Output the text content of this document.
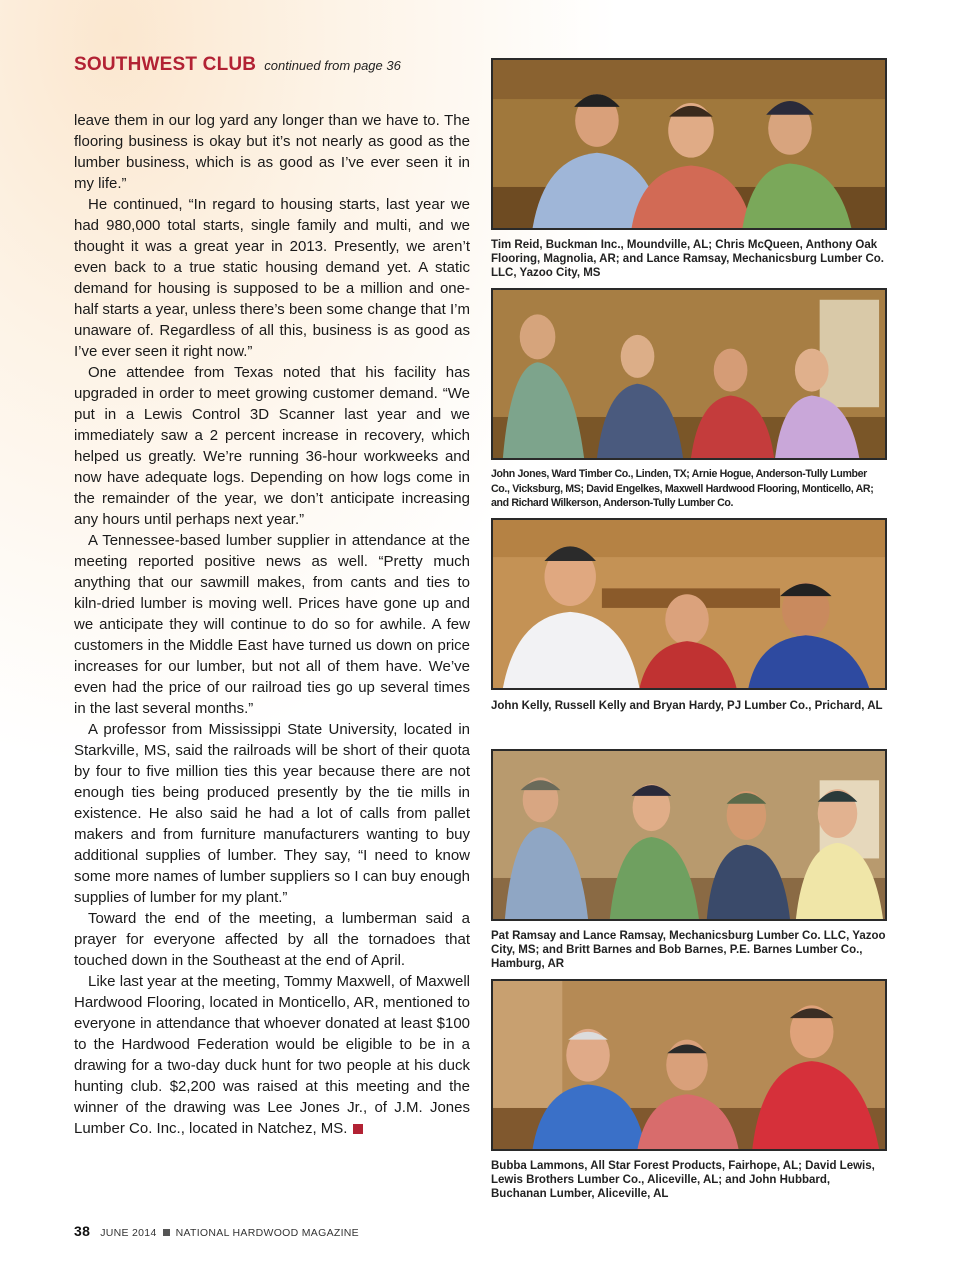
SOUTHWEST CLUB continued from page 36

leave them in our log yard any longer than we have to. The flooring business is okay but it’s not nearly as good as the lumber business, which is as good as I’ve ever seen it in my life.”

He continued, “In regard to housing starts, last year we had 980,000 total starts, single family and multi, and we thought it was a great year in 2013. Presently, we aren’t even back to a true static housing demand yet. A static demand for housing is supposed to be a million and one-half starts a year, unless there’s been some change that I’m unaware of. Regardless of all this, business is as good as I’ve ever seen it right now.”

One attendee from Texas noted that his facility has upgraded in order to meet growing customer demand. “We put in a Lewis Control 3D Scanner last year and we immediately saw a 2 percent increase in recovery, which helped us greatly. We’re running 36-hour workweeks and now have adequate logs. Depending on how logs come in the remainder of the year, we don’t anticipate increasing any hours until perhaps next year.”

A Tennessee-based lumber supplier in attendance at the meeting reported positive news as well. “Pretty much anything that our sawmill makes, from cants and ties to kiln-dried lumber is moving well. Prices have gone up and we anticipate they will continue to do so for awhile. A few customers in the Middle East have turned us down on price increases for our lumber, but not all of them have. We’ve even had the price of our railroad ties go up several times in the last several months.”

A professor from Mississippi State University, located in Starkville, MS, said the railroads will be short of their quota by four to five million ties this year because there are not enough ties being produced presently by the tie mills in existence. He also said he had a lot of calls from pallet makers and from furniture manufacturers wanting to buy additional supplies of lumber. They say, “I need to know some more names of lumber suppliers so I can buy enough supplies of lumber for my plant.”

Toward the end of the meeting, a lumberman said a prayer for everyone affected by all the tornadoes that touched down in the Southeast at the end of April.

Like last year at the meeting, Tommy Maxwell, of Maxwell Hardwood Flooring, located in Monticello, AR, mentioned to everyone in attendance that whoever donated at least $100 to the Hardwood Federation would be eligible to be in a drawing for a two-day duck hunt for two people at his duck hunting club. $2,200 was raised at this meeting and the winner of the drawing was Lee Jones Jr., of J.M. Jones Lumber Co. Inc., located in Natchez, MS.

Tim Reid, Buckman Inc., Moundville, AL; Chris McQueen, Anthony Oak Flooring, Magnolia, AR; and Lance Ramsay, Mechanicsburg Lumber Co. LLC, Yazoo City, MS
John Jones, Ward Timber Co., Linden, TX; Arnie Hogue, Anderson-Tully Lumber Co., Vicksburg, MS; David Engelkes, Maxwell Hardwood Flooring, Monticello, AR; and Richard Wilkerson, Anderson-Tully Lumber Co.
John Kelly, Russell Kelly and Bryan Hardy, PJ Lumber Co., Prichard, AL
Pat Ramsay and Lance Ramsay, Mechanicsburg Lumber Co. LLC, Yazoo City, MS; and Britt Barnes and Bob Barnes, P.E. Barnes Lumber Co., Hamburg, AR
Bubba Lammons, All Star Forest Products, Fairhope, AL; David Lewis, Lewis Brothers Lumber Co., Aliceville, AL; and John Hubbard, Buchanan Lumber, Aliceville, AL
38 JUNE 2014 NATIONAL HARDWOOD MAGAZINE
